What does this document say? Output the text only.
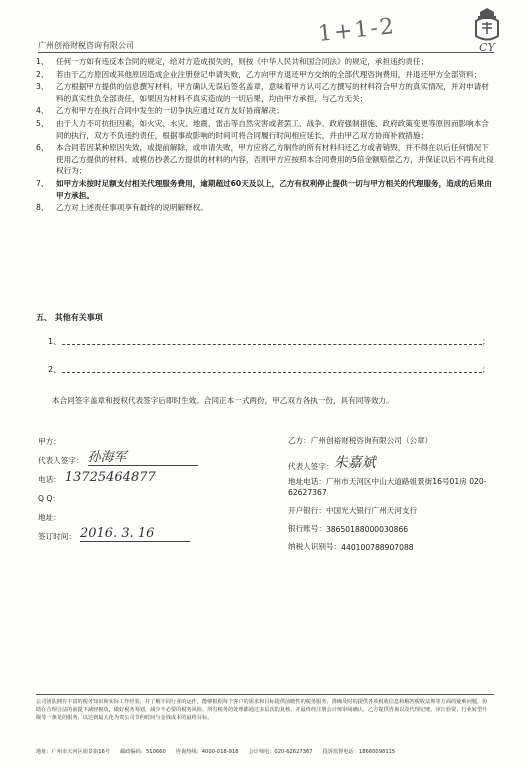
广州创裕财税咨询有限公司	1+1-2
CY
1、 任何一方如有违反本合同的规定，给对方造成损失的，则按《中华人民共和国合同法》的规定，承担违约责任；
2、 若由于乙方原因或其他原因造成企业注册登记申请失败，乙方向甲方退还甲方交纳的全部代理咨询费用，并退还甲方全部资料；
3、 乙方根据甲方提供的信息撰写材料，甲方确认无误后签名盖章，意味着甲方认可乙方撰写的材料符合甲方的真实情况，并对申请材料的真实性负全部责任，如果因为材料不真实造成的一切后果，均由甲方承担，与乙方无关；
4、 乙方和甲方在执行合同中发生的一切争执应通过双方友好协商解决；
5、 由于人力不可抗拒因素，如火灾、水灾、地震、雷击等自然灾害或者罢工、战争、政府强制措施、政府政策变更等原因而影响本合同的执行，双方不负违约责任，根据事故影响的时间可将合同履行时间相应延长，并由甲乙双方协商补救措施；
6、 本合同若因某种原因失效，或提前解除，或申请失败，甲方应将乙方制作的所有材料归还乙方或者销毁，并不得在以后任何情况下使用乙方提供的材料、或模仿抄袭乙方提供的材料的内容，否则甲方应按照本合同费用的5倍金额赔偿乙方，并保证以后不再有此侵权行为；
7、 如甲方未按时足额支付相关代理服务费用，逾期超过60天及以上，乙方有权利停止提供一切与甲方相关的代理服务，造成的后果由甲方承担。
8、 乙方对上述责任事项享有最终的说明解释权。
五、 其他有关事项
1、	；
2、	；
本合同签字盖章和授权代表签字后即时生效。合同正本一式两份，甲乙双方各执一份，具有同等效力。
甲方：
代表人签字： 孙海军
电话： 13725464877
Q Q：
地址：
签订时间： 2016. 3. 16
乙方：广州创裕财税咨询有限公司（公章）
代表人签字： 朱嘉斌
地址电话：广州市天河区中山大道路姐景街16号01房 020-62627367
开户银行： 中国光大银行广州天河支行
银行账号： 38650188000030866
纳税人识别号： 440100788907088
公司团队拥有丰富的税务知识和实际工作经验，并了解不同行业的运作，能够根据每个客户的需求和目标提供前瞻性的税务服务，准确及时的提供各项税收信息和解答税收法规等方面的疑难问题，协助在合理合法的前提下减轻税负，做好税务筹划，减少不必要的税务风险。所有税务的处理都通过多层次的复核，并最终经注册会计师审阅确认，乙方提供咨询以及代理记账、审计验资、行业转型升级等一条龙的服务，以达到最大化为贵公司节约时间与金钱成本的最终目标。
地址：广州市天河区姐景街16号 邮政编码：510660 咨询热线：4000-018-918 会计师电：020-62627367 投诉监督电话：18660098115
